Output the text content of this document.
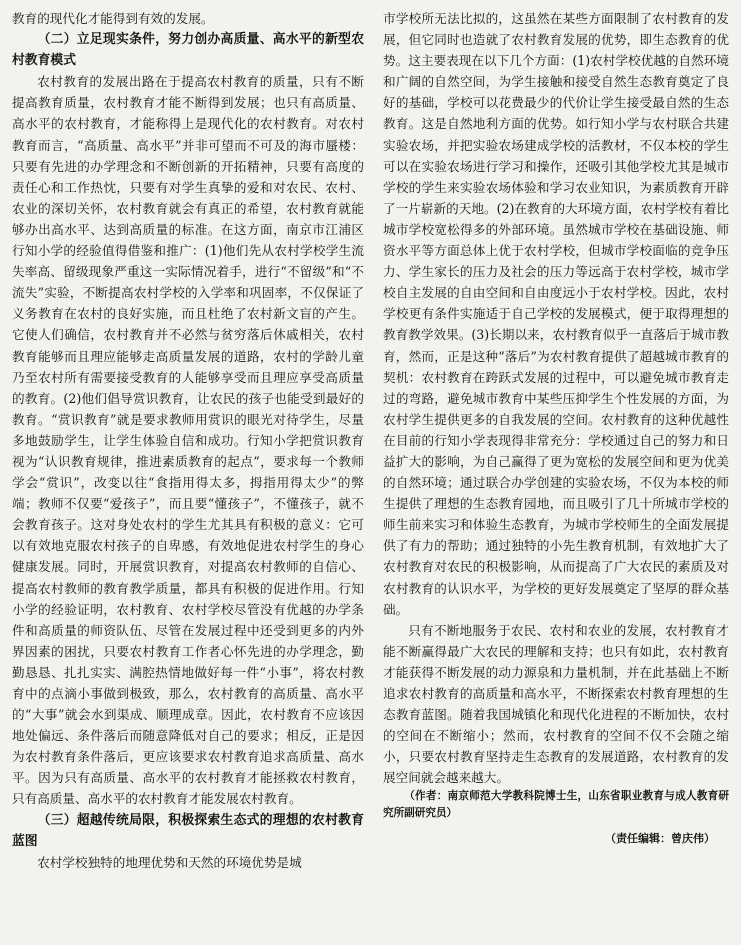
教育的现代化才能得到有效的发展。

（二）立足现实条件，努力创办高质量、高水平的新型农村教育模式

农村教育的发展出路在于提高农村教育的质量，只有不断提高教育质量，农村教育才能不断得到发展；也只有高质量、高水平的农村教育，才能称得上是现代化的农村教育。对农村教育而言，“高质量、高水平”并非可望而不可及的海市蜃楼：只要有先进的办学理念和不断创新的开拓精神，只要有高度的责任心和工作热忱，只要有对学生真挚的爱和对农民、农村、农业的深切关怀，农村教育就会有真正的希望，农村教育就能够办出高水平、达到高质量的标准。在这方面，南京市江浦区行知小学的经验值得借鉴和推广：(1)他们先从农村学校学生流失率高、留级现象严重这一实际情况着手，进行“不留级”和“不流失”实验，不断提高农村学校的入学率和巩固率，不仅保证了义务教育在农村的良好实施，而且杜绝了农村新文盲的产生。它使人们确信，农村教育并不必然与贫穷落后休戚相关，农村教育能够而且理应能够走高质量发展的道路，农村的学龄儿童乃至农村所有需要接受教育的人能够享受而且理应享受高质量的教育。(2)他们倡导赏识教育，让农民的孩子也能受到最好的教育。“赏识教育”就是要求教师用赏识的眼光对待学生，尽量多地鼓励学生，让学生体验自信和成功。行知小学把赏识教育视为“认识教育规律，推进素质教育的起点”，要求每一个教师学会“赏识”，改变以往“食指用得太多，拇指用得太少”的弊端；教师不仅要“爱孩子”，而且要“懂孩子”，不懂孩子，就不会教育孩子。这对身处农村的学生尤其具有积极的意义：它可以有效地克服农村孩子的自卑感，有效地促进农村学生的身心健康发展。同时，开展赏识教育，对提高农村教师的自信心、提高农村教师的教育教学质量，都具有积极的促进作用。行知小学的经验证明，农村教育、农村学校尽管没有优越的办学条件和高质量的师资队伍、尽管在发展过程中还受到更多的内外界因素的困扰，只要农村教育工作者心怀先进的办学理念，勤勤恳恳、扎扎实实、满腔热情地做好每一件“小事”，将农村教育中的点滴小事做到极致，那么，农村教育的高质量、高水平的“大事”就会水到渠成、顺理成章。因此，农村教育不应该因地处偏远、条件落后而随意降低对自己的要求；相反，正是因为农村教育条件落后，更应该要求农村教育追求高质量、高水平。因为只有高质量、高水平的农村教育才能拯救农村教育，只有高质量、高水平的农村教育才能发展农村教育。

（三）超越传统局限，积极探索生态式的理想的农村教育蓝图

农村学校独特的地理优势和天然的环境优势是城

市学校所无法比拟的，这虽然在某些方面限制了农村教育的发展，但它同时也造就了农村教育发展的优势，即生态教育的优势。这主要表现在以下几个方面：(1)农村学校优越的自然环境和广阔的自然空间，为学生接触和接受自然生态教育奠定了良好的基础，学校可以花费最少的代价让学生接受最自然的生态教育。这是自然地利方面的优势。如行知小学与农村联合共建实验农场，并把实验农场建成学校的活教材，不仅本校的学生可以在实验农场进行学习和操作，还吸引其他学校尤其是城市学校的学生来实验农场体验和学习农业知识，为素质教育开辟了一片崭新的天地。(2)在教育的大环境方面，农村学校有着比城市学校宽松得多的外部环境。虽然城市学校在基础设施、师资水平等方面总体上优于农村学校，但城市学校面临的竞争压力、学生家长的压力及社会的压力等远高于农村学校，城市学校自主发展的自由空间和自由度远小于农村学校。因此，农村学校更有条件实施适于自己学校的发展模式，便于取得理想的教育教学效果。(3)长期以来，农村教育似乎一直落后于城市教育，然而，正是这种“落后”为农村教育提供了超越城市教育的契机：农村教育在跨跃式发展的过程中，可以避免城市教育走过的弯路，避免城市教育中某些压抑学生个性发展的方面，为农村学生提供更多的自我发展的空间。农村教育的这种优越性在目前的行知小学表现得非常充分：学校通过自己的努力和日益扩大的影响，为自己赢得了更为宽松的发展空间和更为优美的自然环境；通过联合办学创建的实验农场，不仅为本校的师生提供了理想的生态教育园地，而且吸引了几十所城市学校的师生前来实习和体验生态教育，为城市学校师生的全面发展提供了有力的帮助；通过独特的小先生教育机制，有效地扩大了农村教育对农民的积极影响，从而提高了广大农民的素质及对农村教育的认识水平，为学校的更好发展奠定了坚厚的群众基础。

只有不断地服务于农民、农村和农业的发展，农村教育才能不断赢得最广大农民的理解和支持；也只有如此，农村教育才能获得不断发展的动力源泉和力量机制，并在此基础上不断追求农村教育的高质量和高水平，不断探索农村教育理想的生态教育蓝图。随着我国城镇化和现代化进程的不断加快，农村的空间在不断缩小；然而，农村教育的空间不仅不会随之缩小，只要农村教育坚持走生态教育的发展道路，农村教育的发展空间就会越来越大。

（作者：南京师范大学教科院博士生，山东省职业教育与成人教育研究所副研究员）

（责任编辑：曾庆伟）
